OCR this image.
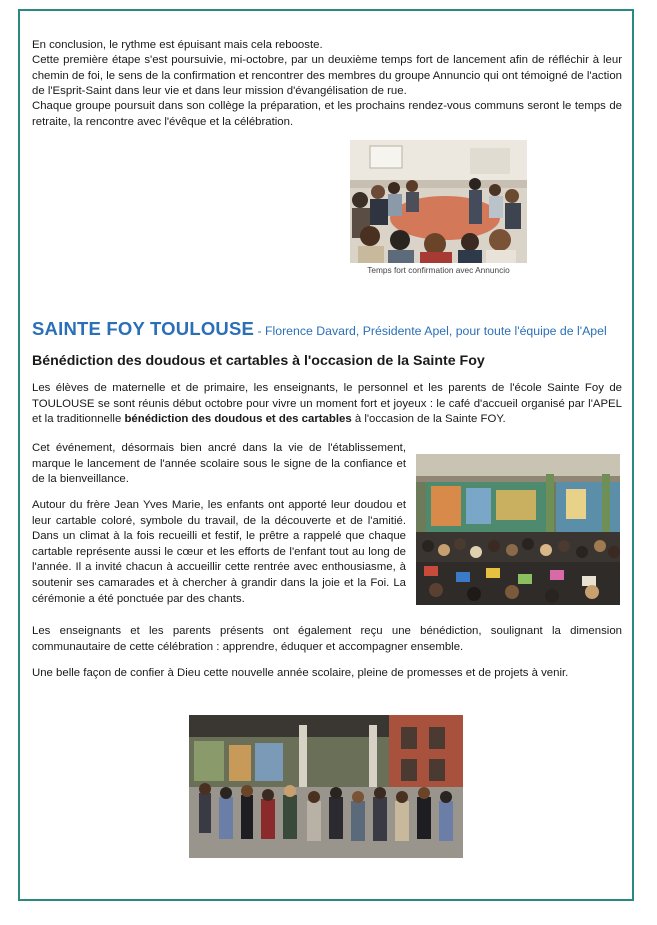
En conclusion, le rythme est épuisant mais cela rebooste.

Cette première étape s'est poursuivie, mi-octobre, par un deuxième temps fort de lancement afin de réfléchir à leur chemin de foi, le sens de la confirmation et rencontrer des membres du groupe Annuncio qui ont témoigné de l'action de l'Esprit-Saint dans leur vie et dans leur mission d'évangélisation de rue.

Chaque groupe poursuit dans son collège la préparation, et les prochains rendez-vous communs seront le temps de retraite, la rencontre avec l'évêque et la célébration.

Temps fort confirmation avec Annuncio
SAINTE FOY TOULOUSE - Florence Davard, Présidente Apel, pour toute l'équipe de l'Apel
Bénédiction des doudous et cartables à l'occasion de la Sainte Foy

Les élèves de maternelle et de primaire, les enseignants, le personnel et les parents de l'école Sainte Foy de TOULOUSE se sont réunis début octobre pour vivre un moment fort et joyeux : le café d'accueil organisé par l'APEL et la traditionnelle bénédiction des doudous et des cartables à l'occasion de la Sainte FOY.

Cet événement, désormais bien ancré dans la vie de l'établissement, marque le lancement de l'année scolaire sous le signe de la confiance et de la bienveillance.

Autour du frère Jean Yves Marie, les enfants ont apporté leur doudou et leur cartable coloré, symbole du travail, de la découverte et de l'amitié. Dans un climat à la fois recueilli et festif, le prêtre a rappelé que chaque cartable représente aussi le cœur et les efforts de l'enfant tout au long de l'année. Il a invité chacun à accueillir cette rentrée avec enthousiasme, à soutenir ses camarades et à chercher à grandir dans la joie et la Foi. La cérémonie a été ponctuée par des chants.

Les enseignants et les parents présents ont également reçu une bénédiction, soulignant la dimension communautaire de cette célébration : apprendre, éduquer et accompagner ensemble.

Une belle façon de confier à Dieu cette nouvelle année scolaire, pleine de promesses et de projets à venir.
